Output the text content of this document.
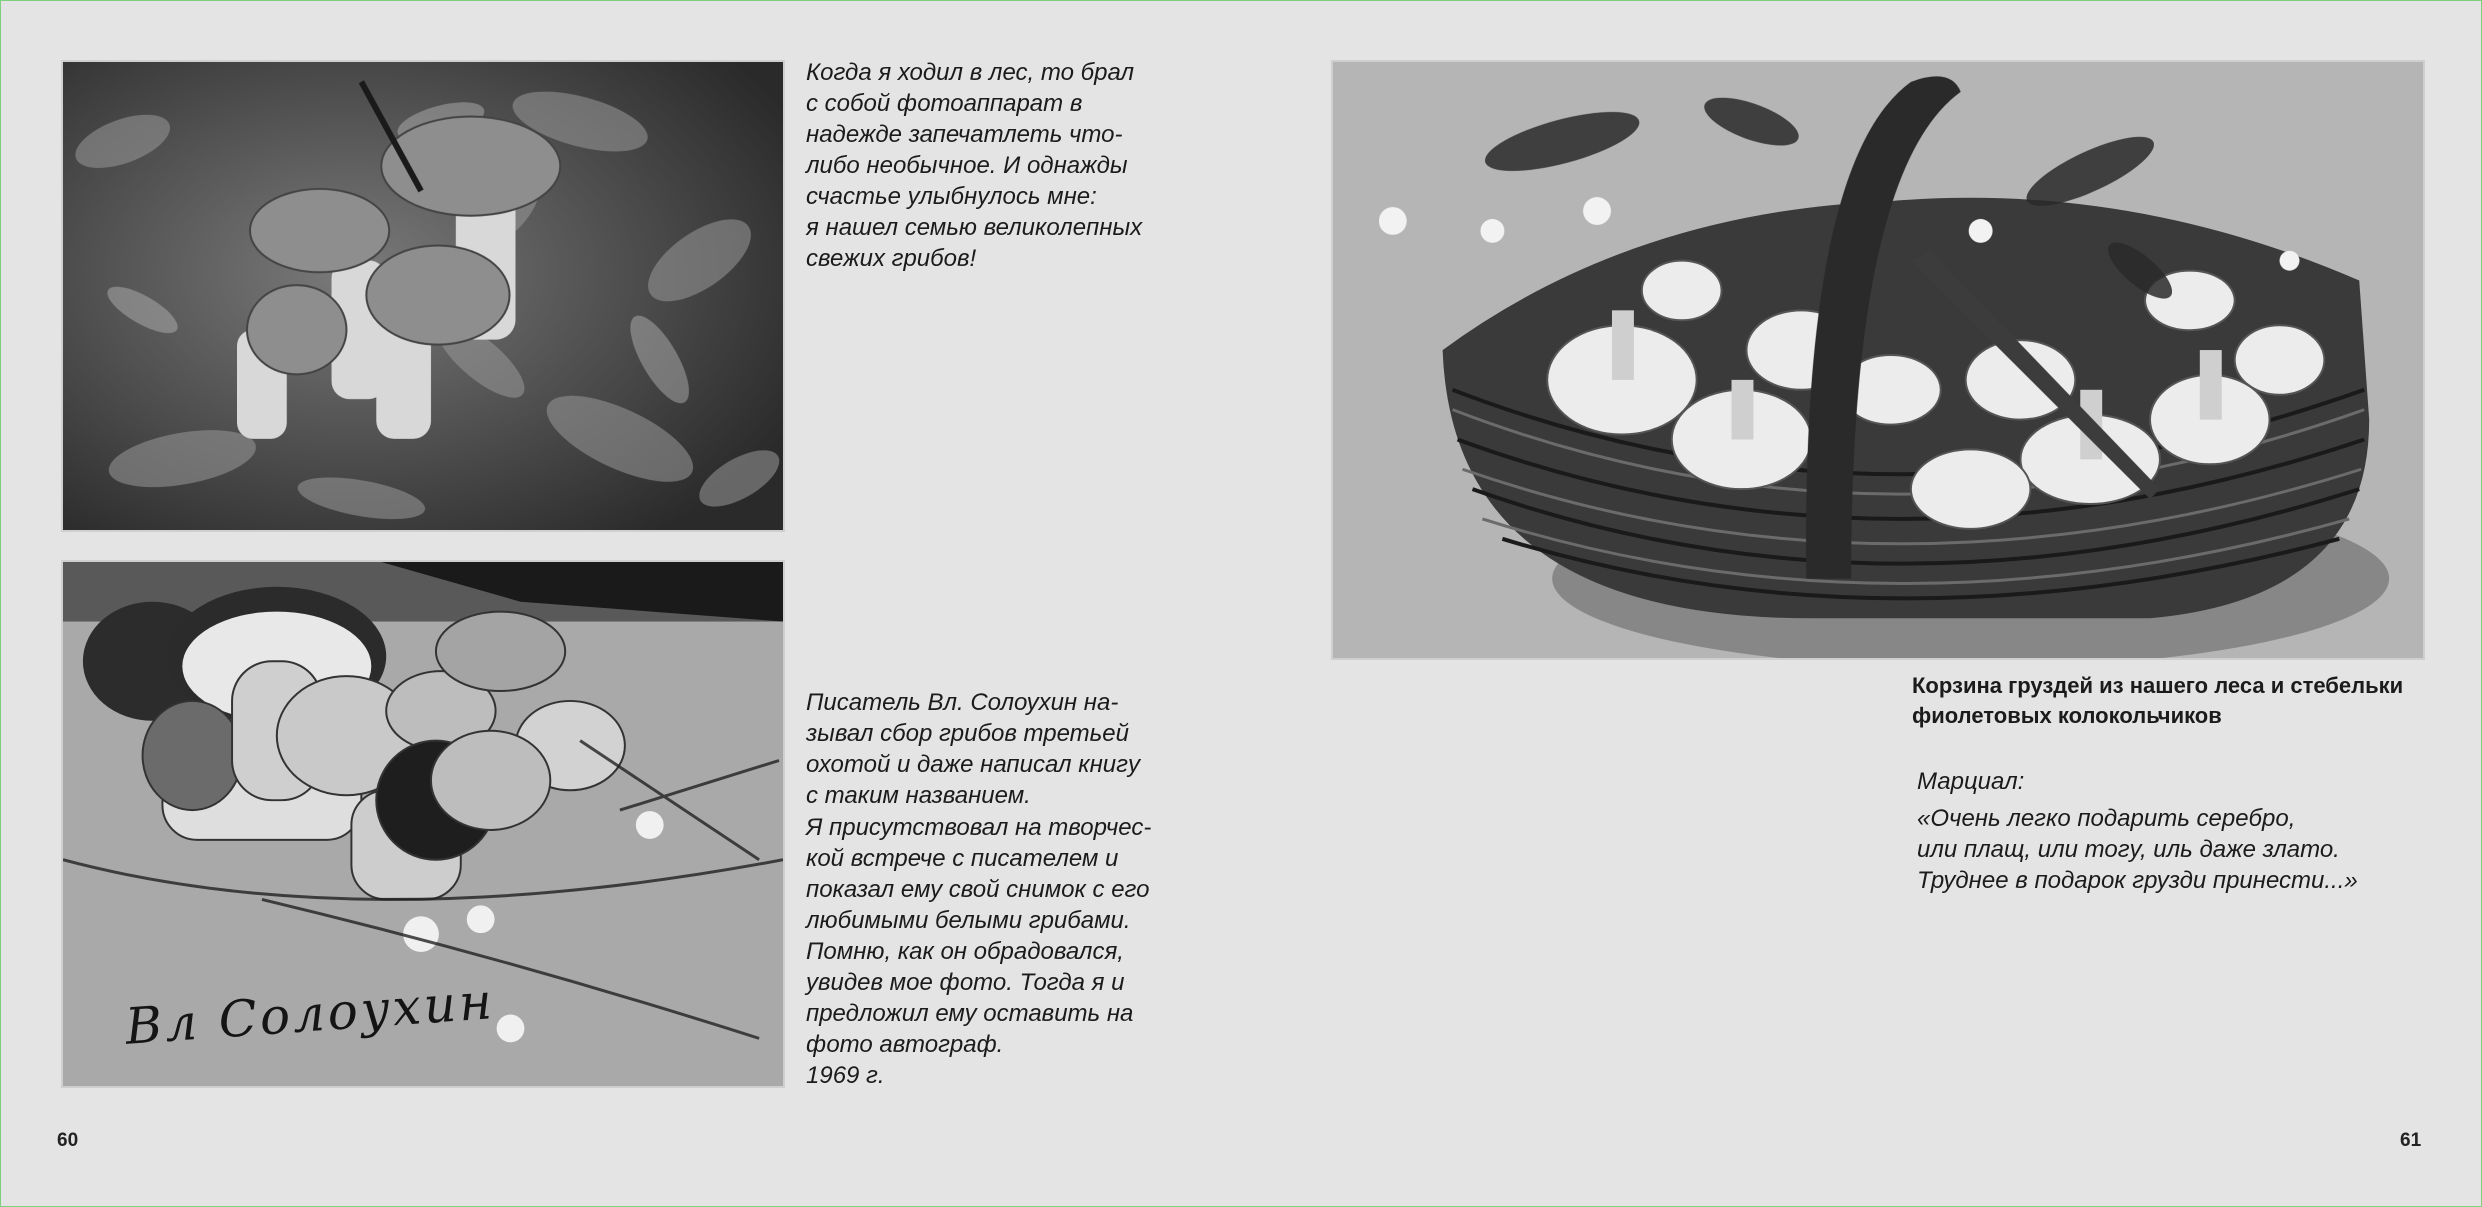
Вл Солоухин

Когда я ходил в лес, то брал

с собой фотоаппарат в

надежде запечатлеть что-

либо необычное. И однажды

счастье улыбнулось мне:

я нашел семью великолепных

свежих грибов!

Писатель Вл. Солоухин на-

зывал сбор грибов третьей

охотой и даже написал книгу

с таким названием.

Я присутствовал на творчес-

кой встрече с писателем и

показал ему свой снимок с его

любимыми белыми грибами.

Помню, как он обрадовался,

увидев мое фото. Тогда я и

предложил ему оставить на

фото автограф.

1969 г.
60
Корзина груздей из нашего леса и стебельки
фиолетовых колокольчиков
Марциал:

«Очень легко подарить серебро,

или плащ, или тогу, иль даже злато.

Труднее в подарок грузди принести...»

61
